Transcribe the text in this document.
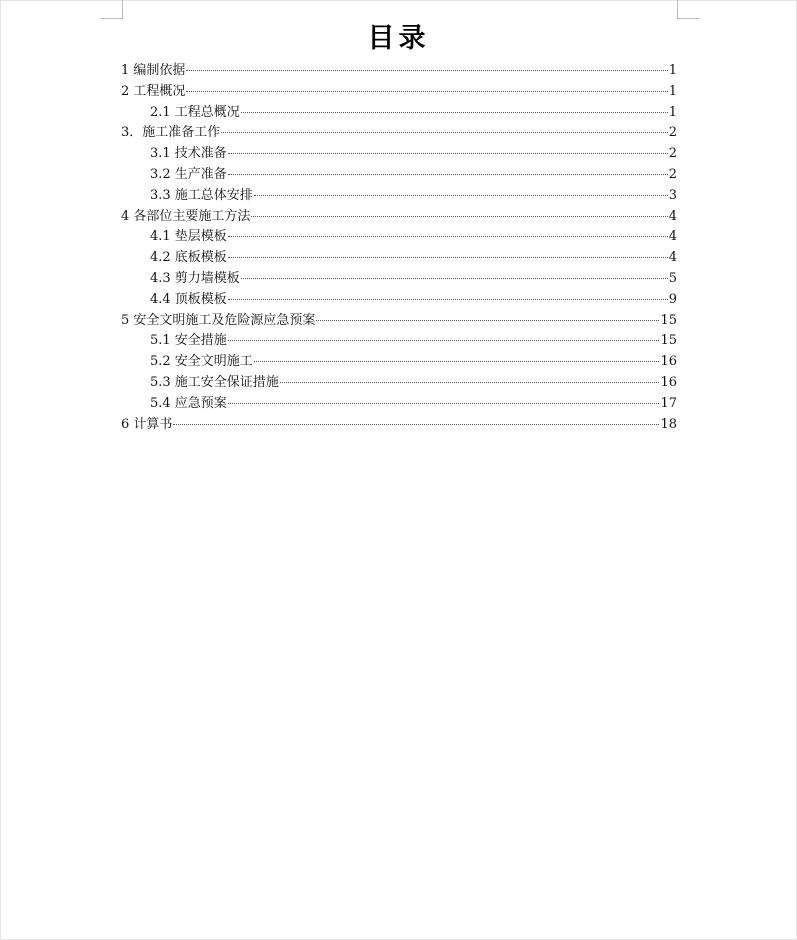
目录
1 编制依据	1
2 工程概况	1
2.1 工程总概况	1
3．施工准备工作	2
3.1 技术准备	2
3.2 生产准备	2
3.3 施工总体安排	3
4 各部位主要施工方法	4
4.1 垫层模板	4
4.2 底板模板	4
4.3 剪力墙模板	5
4.4 顶板模板	9
5 安全文明施工及危险源应急预案	15
5.1 安全措施	15
5.2 安全文明施工	16
5.3 施工安全保证措施	16
5.4 应急预案	17
6 计算书	18
